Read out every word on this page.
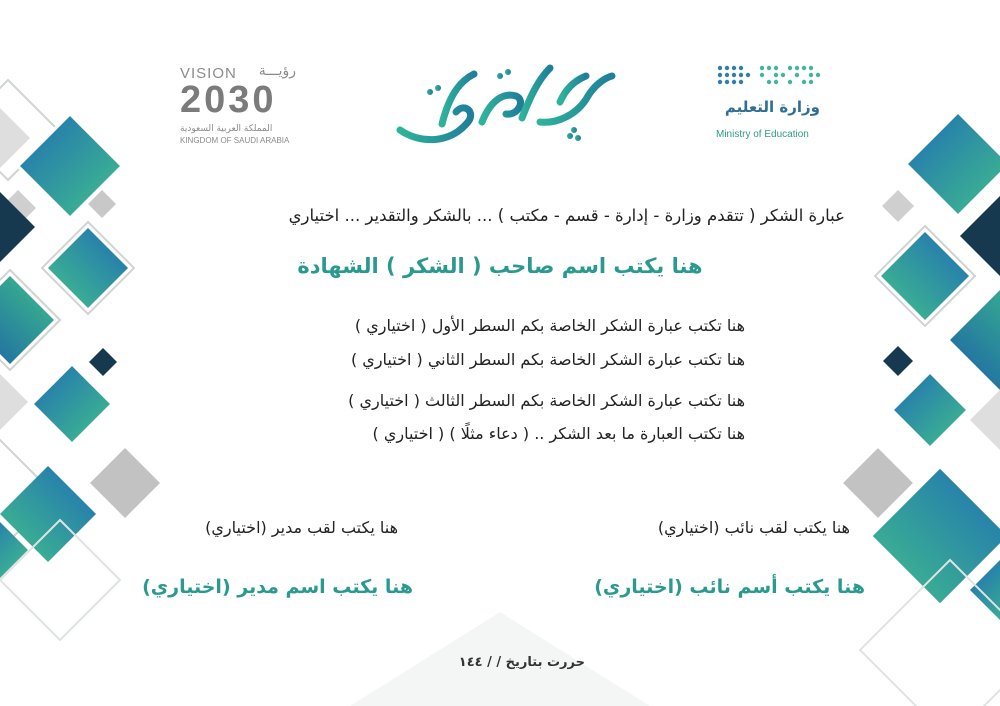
وزارة التعليم
Ministry of Education
VISION رؤيـــة
2030
المملكة العربية السعودية
KINGDOM OF SAUDI ARABIA
عبارة الشكر ( تتقدم وزارة - إدارة - قسم - مكتب ) ... بالشكر والتقدير ... اختياري
هنا يكتب اسم صاحب ( الشكر ) الشهادة
هنا تكتب عبارة الشكر الخاصة بكم السطر الأول ( اختياري )
هنا تكتب عبارة الشكر الخاصة بكم السطر الثاني ( اختياري )
هنا تكتب عبارة الشكر الخاصة بكم السطر الثالث ( اختياري )
هنا تكتب العبارة ما بعد الشكر .. ( دعاء مثلًا ) ( اختياري )
هنا يكتب لقب نائب (اختياري)
هنا يكتب أسم نائب (اختياري)
هنا يكتب لقب مدير (اختياري)
هنا يكتب اسم مدير (اختياري)
حررت بتاريخ / / ١٤٤
